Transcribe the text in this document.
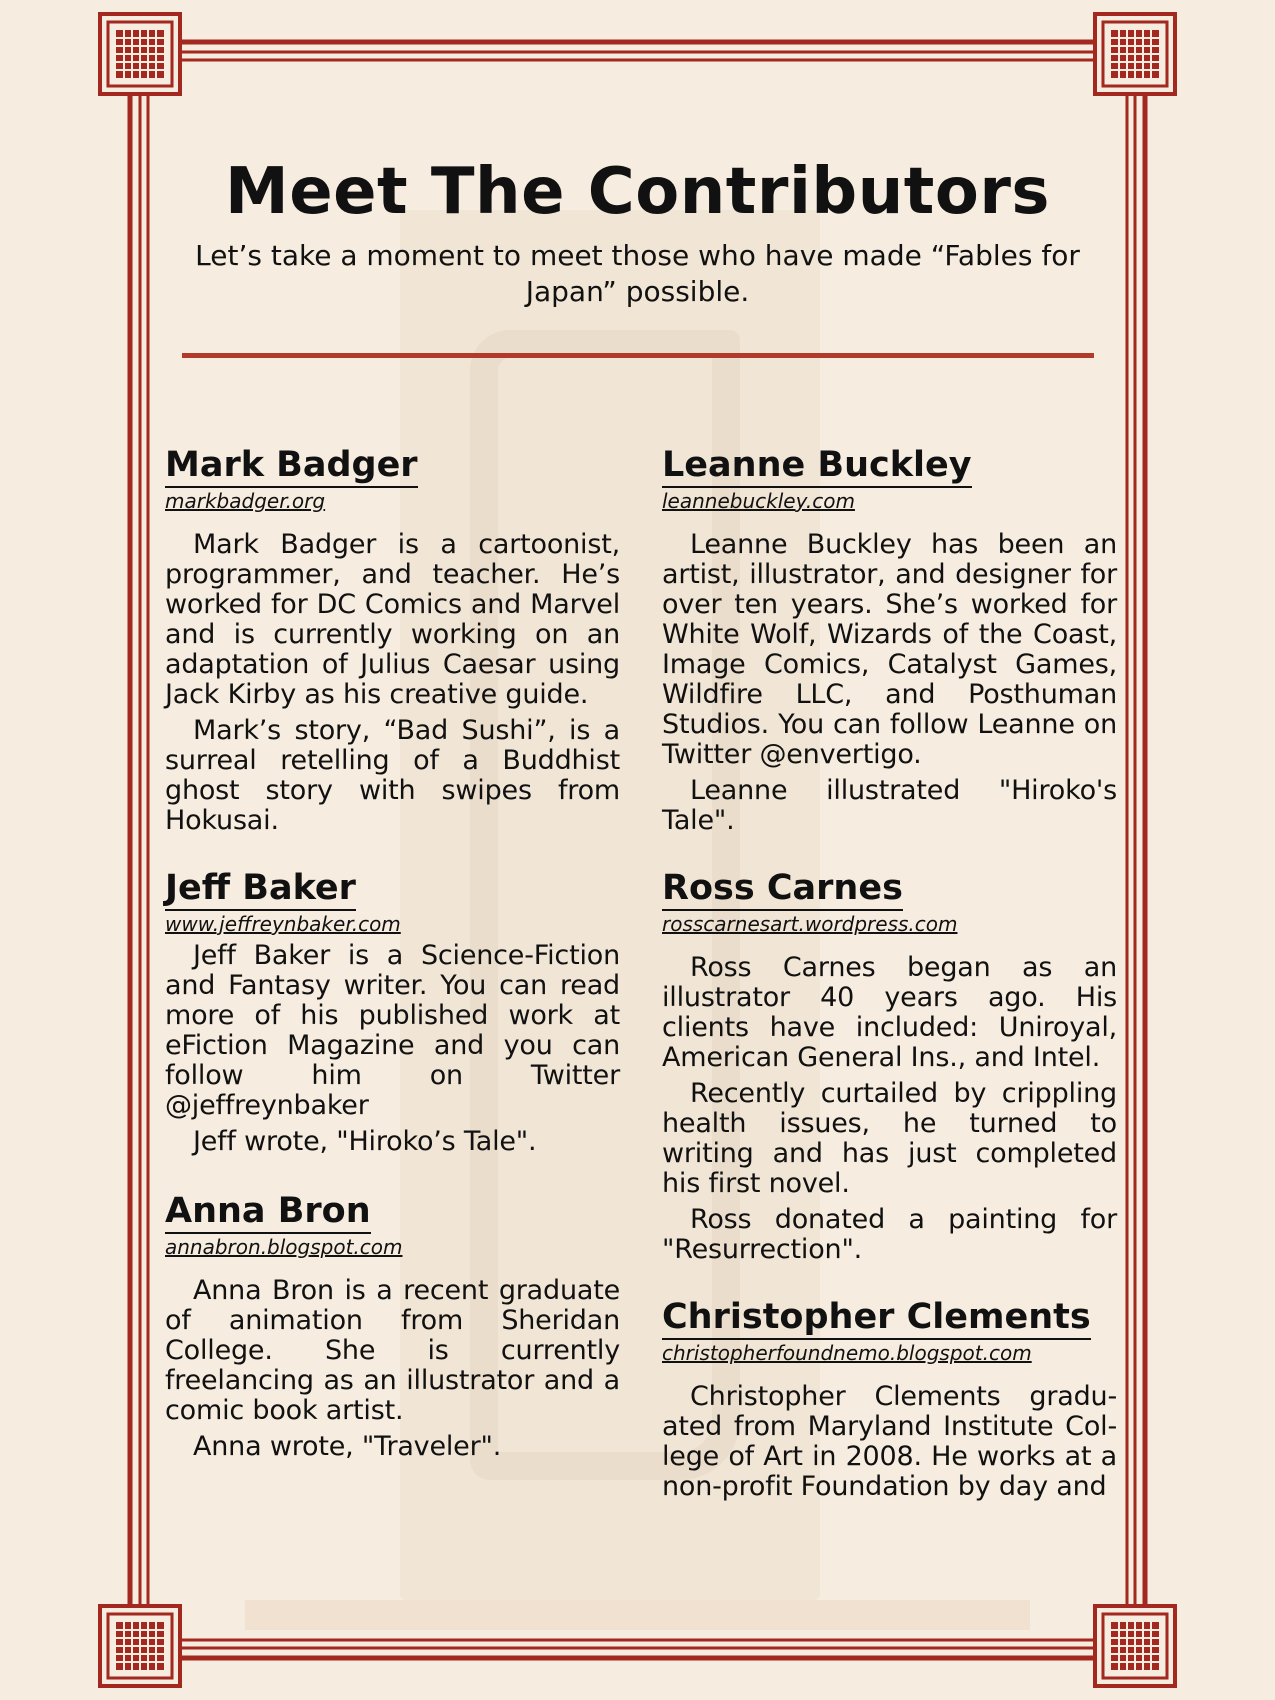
Meet The Contributors
Let’s take a moment to meet those who have made “Fables for Japan” possible.
Mark Badger
markbadger.org

Mark Badger is a cartoonist, programmer, and teacher. He’s worked for DC Comics and Marvel and is currently working on an adaptation of Julius Caesar using Jack Kirby as his creative guide.

Mark’s story, “Bad Sushi”, is a surreal retelling of a Buddhist ghost story with swipes from Hokusai.

Jeff Baker
www.jeffreynbaker.com

Jeff Baker is a Science-Fiction and Fantasy writer. You can read more of his published work at eFiction Magazine and you can follow him on Twitter @jeffreynbaker

Jeff wrote, "Hiroko’s Tale".

Anna Bron
annabron.blogspot.com

Anna Bron is a recent graduate of animation from Sheridan College. She is currently freelancing as an illustrator and a comic book artist.

Anna wrote, "Traveler".

Leanne Buckley
leannebuckley.com

Leanne Buckley has been an artist, illustrator, and designer for over ten years. She’s worked for White Wolf, Wizards of the Coast, Image Comics, Catalyst Games, Wildfire LLC, and Posthuman Studios. You can follow Leanne on Twitter @envertigo.

Leanne illustrated "Hiroko's Tale".

Ross Carnes
rosscarnesart.wordpress.com

Ross Carnes began as an illustrator 40 years ago. His clients have included: Uniroyal, American General Ins., and Intel.

Recently curtailed by crippling health issues, he turned to writing and has just completed his first novel.

Ross donated a painting for "Resurrection".

Christopher Clements
christopherfoundnemo.blogspot.com

Christopher Clements gradu-ated from Maryland Institute Col-lege of Art in 2008. He works at a non-profit Foundation by day and
